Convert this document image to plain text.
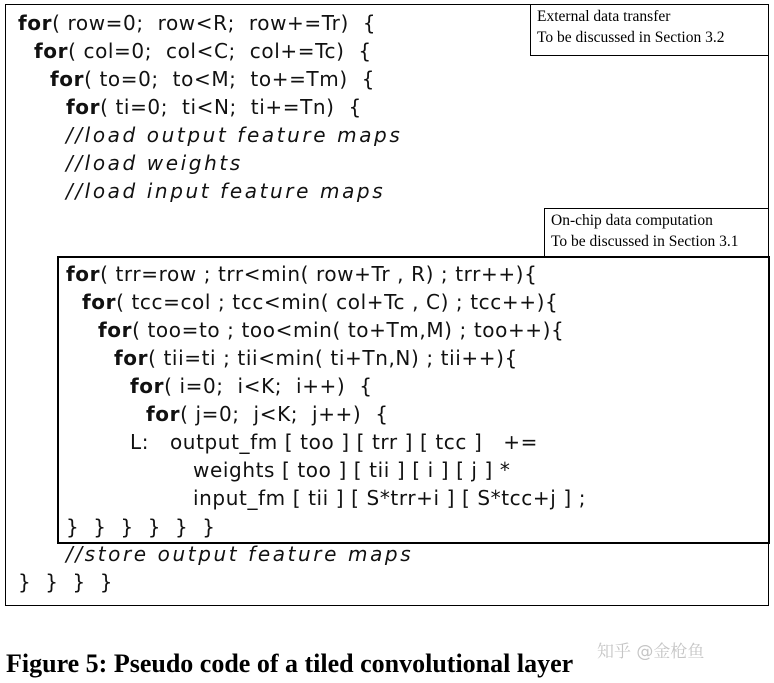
External data transfer
To be discussed in Section 3.2
for( row=0;  row<R;  row+=Tr)  {
for( col=0;  col<C;  col+=Tc)  {
for( to=0;  to<M;  to+=Tm)  {
for( ti=0;  ti<N;  ti+=Tn)  {
//load output feature maps
//load weights
//load input feature maps
On-chip data computation
To be discussed in Section 3.1
for( trr=row ; trr<min( row+Tr , R) ; trr++){
for( tcc=col ; tcc<min( col+Tc , C) ; tcc++){
for( too=to ; too<min( to+Tm,M) ; too++){
for( tii=ti ; tii<min( ti+Tn,N) ; tii++){
for( i=0;  i<K;  i++)  {
for( j=0;  j<K;  j++)  {
L:   output_fm [ too ] [ trr ] [ tcc ]   +=
weights [ too ] [ tii ] [ i ] [ j ] *
input_fm [ tii ] [ S*trr+i ] [ S*tcc+j ] ;
}  }  }  }  }  }
//store output feature maps
}  }  }  }
知乎 @金枪鱼
Figure 5: Pseudo code of a tiled convolutional layer
